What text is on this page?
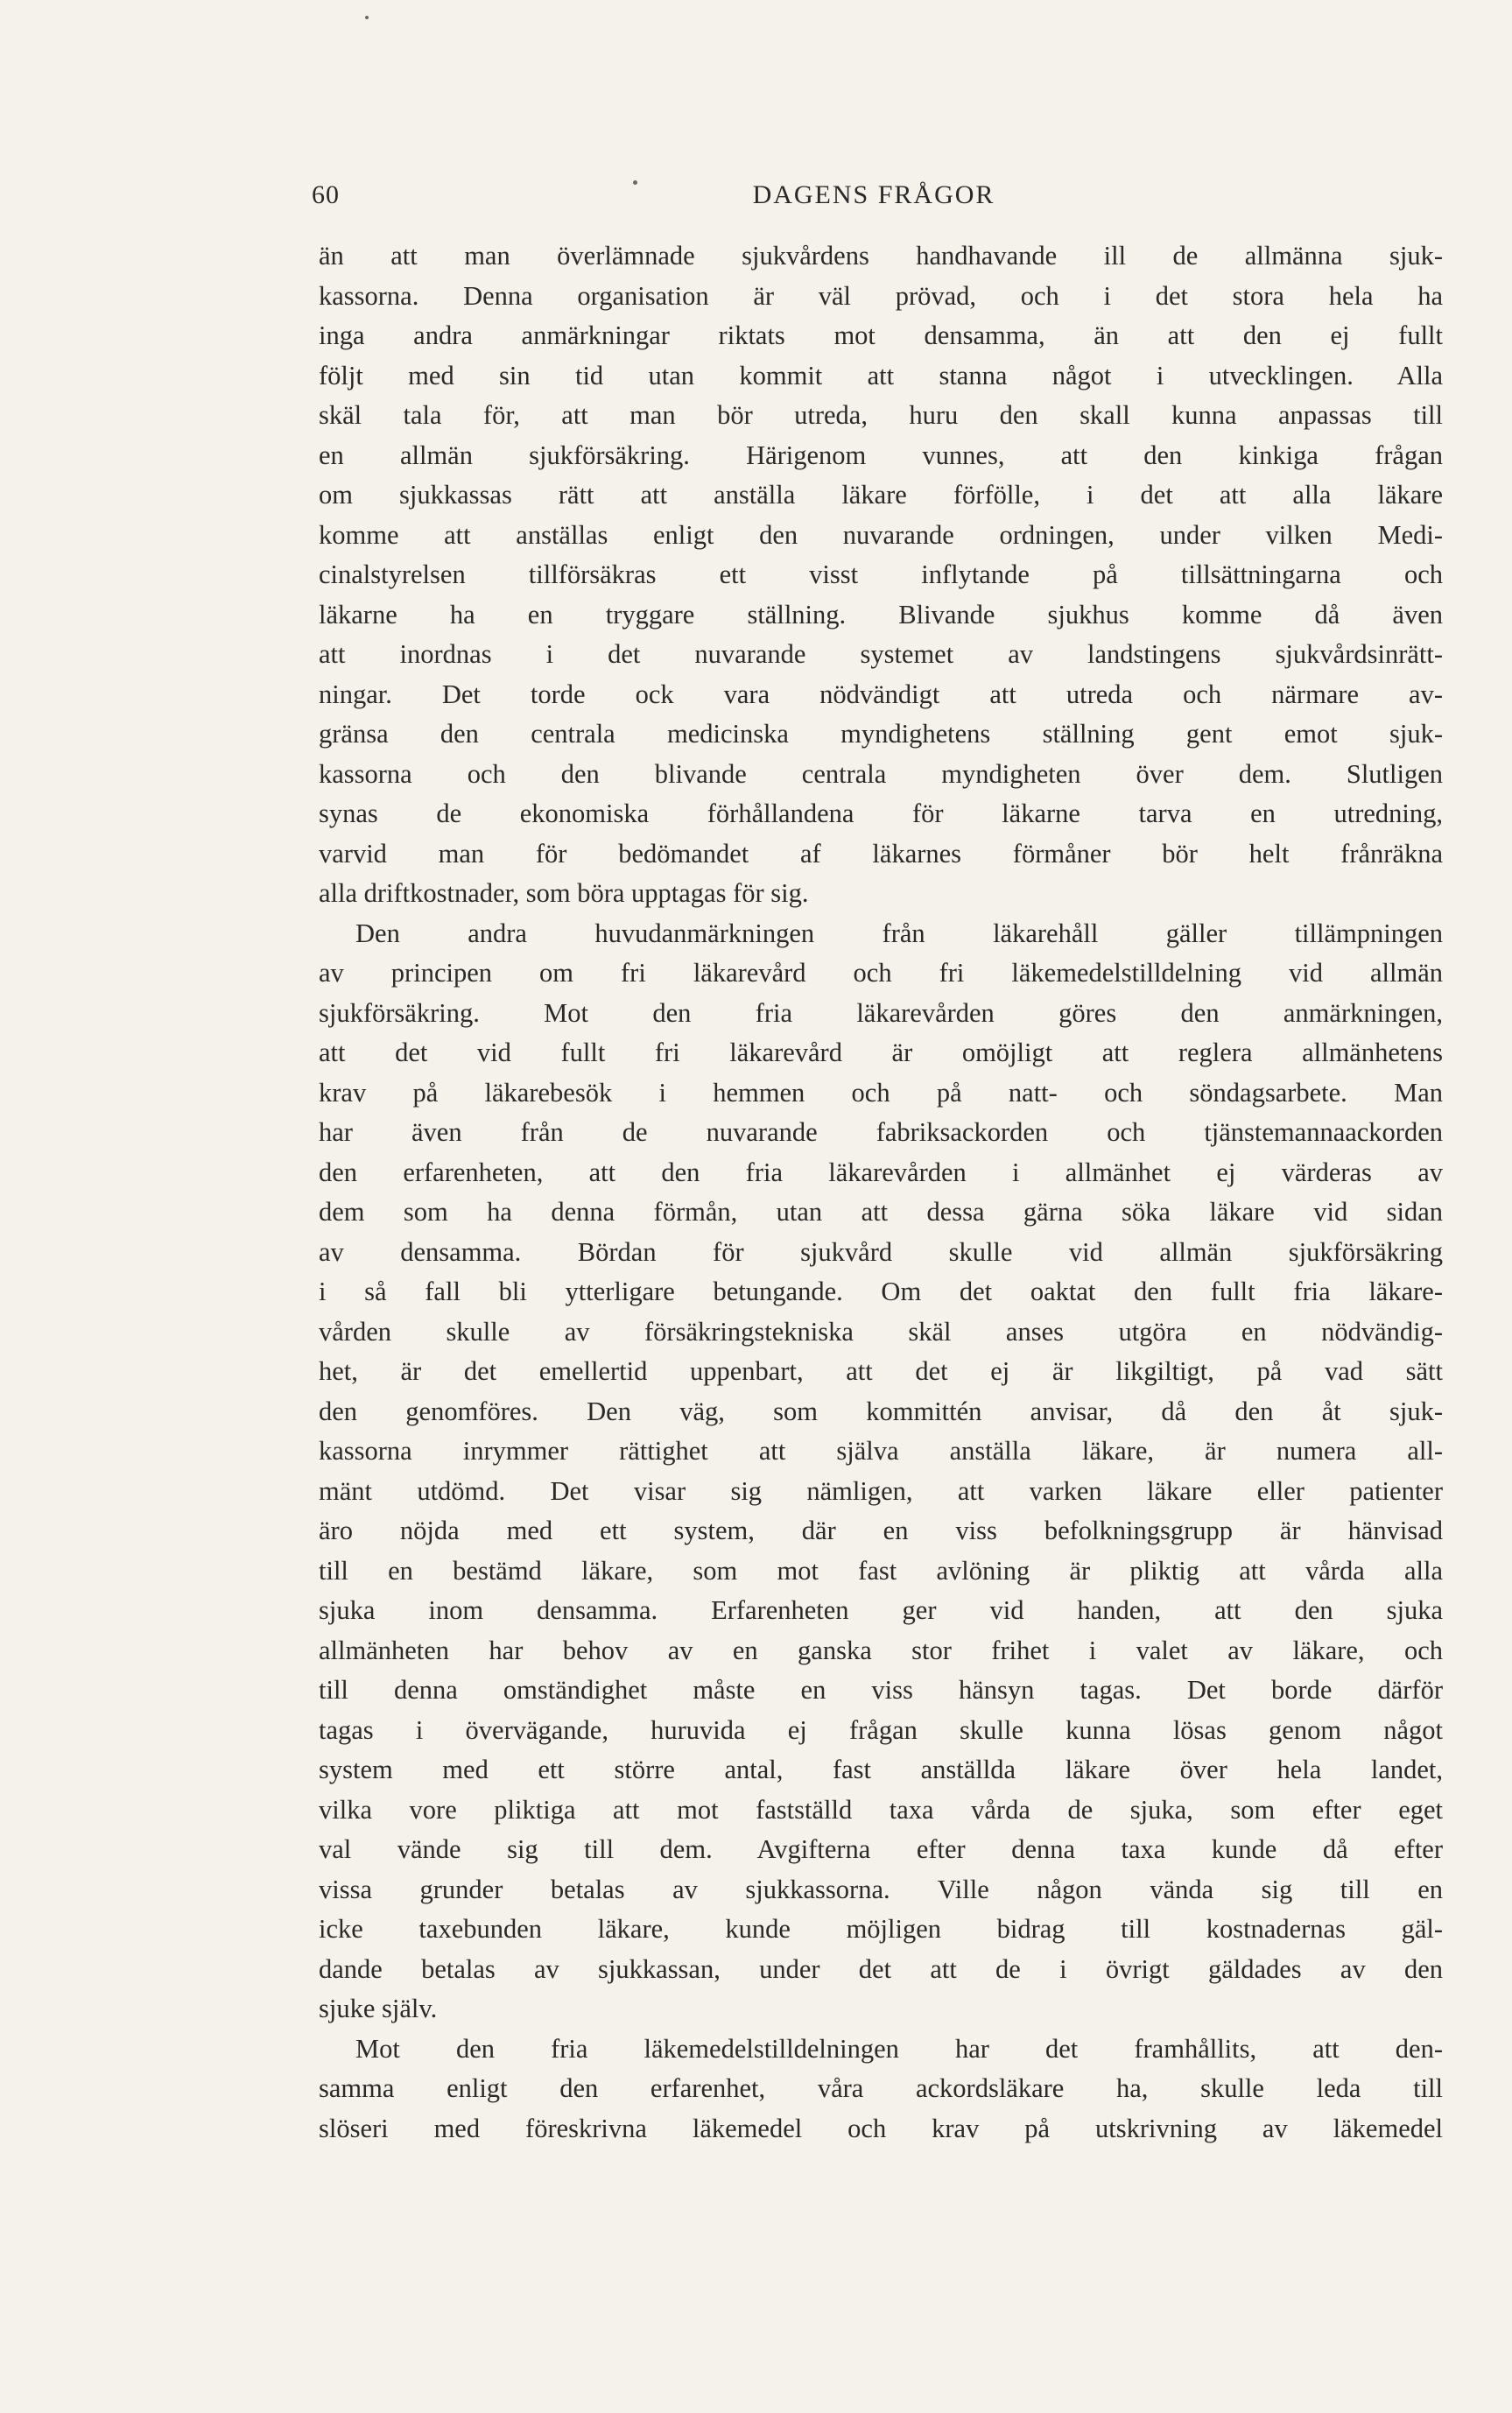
60	DAGENS FRÅGOR
än att man överlämnade sjukvårdens handhavande ill de allmänna sjuk-
kassorna. Denna organisation är väl prövad, och i det stora hela ha
inga andra anmärkningar riktats mot densamma, än att den ej fullt
följt med sin tid utan kommit att stanna något i utvecklingen. Alla
skäl tala för, att man bör utreda, huru den skall kunna anpassas till
en allmän sjukförsäkring. Härigenom vunnes, att den kinkiga frågan
om sjukkassas rätt att anställa läkare förfölle, i det att alla läkare
komme att anställas enligt den nuvarande ordningen, under vilken Medi-
cinalstyrelsen tillförsäkras ett visst inflytande på tillsättningarna och
läkarne ha en tryggare ställning. Blivande sjukhus komme då även
att inordnas i det nuvarande systemet av landstingens sjukvårdsinrätt-
ningar. Det torde ock vara nödvändigt att utreda och närmare av-
gränsa den centrala medicinska myndighetens ställning gent emot sjuk-
kassorna och den blivande centrala myndigheten över dem. Slutligen
synas de ekonomiska förhållandena för läkarne tarva en utredning,
varvid man för bedömandet af läkarnes förmåner bör helt frånräkna
alla driftkostnader, som böra upptagas för sig.
Den andra huvudanmärkningen från läkarehåll gäller tillämpningen
av principen om fri läkarevård och fri läkemedelstilldelning vid allmän
sjukförsäkring. Mot den fria läkarevården göres den anmärkningen,
att det vid fullt fri läkarevård är omöjligt att reglera allmänhetens
krav på läkarebesök i hemmen och på natt- och söndagsarbete. Man
har även från de nuvarande fabriksackorden och tjänstemannaackorden
den erfarenheten, att den fria läkarevården i allmänhet ej värderas av
dem som ha denna förmån, utan att dessa gärna söka läkare vid sidan
av densamma. Bördan för sjukvård skulle vid allmän sjukförsäkring
i så fall bli ytterligare betungande. Om det oaktat den fullt fria läkare-
vården skulle av försäkringstekniska skäl anses utgöra en nödvändig-
het, är det emellertid uppenbart, att det ej är likgiltigt, på vad sätt
den genomföres. Den väg, som kommittén anvisar, då den åt sjuk-
kassorna inrymmer rättighet att själva anställa läkare, är numera all-
mänt utdömd. Det visar sig nämligen, att varken läkare eller patienter
äro nöjda med ett system, där en viss befolkningsgrupp är hänvisad
till en bestämd läkare, som mot fast avlöning är pliktig att vårda alla
sjuka inom densamma. Erfarenheten ger vid handen, att den sjuka
allmänheten har behov av en ganska stor frihet i valet av läkare, och
till denna omständighet måste en viss hänsyn tagas. Det borde därför
tagas i övervägande, huruvida ej frågan skulle kunna lösas genom något
system med ett större antal, fast anställda läkare över hela landet,
vilka vore pliktiga att mot fastställd taxa vårda de sjuka, som efter eget
val vände sig till dem. Avgifterna efter denna taxa kunde då efter
vissa grunder betalas av sjukkassorna. Ville någon vända sig till en
icke taxebunden läkare, kunde möjligen bidrag till kostnadernas gäl-
dande betalas av sjukkassan, under det att de i övrigt gäldades av den
sjuke själv.
Mot den fria läkemedelstilldelningen har det framhållits, att den-
samma enligt den erfarenhet, våra ackordsläkare ha, skulle leda till
slöseri med föreskrivna läkemedel och krav på utskrivning av läkemedel
